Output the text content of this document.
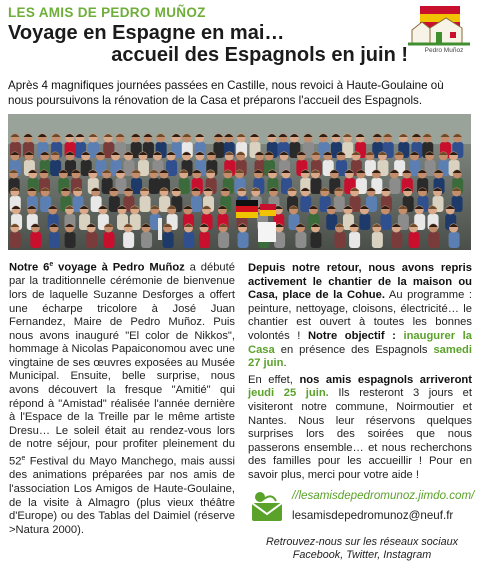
LES AMIS DE PEDRO MUÑOZ
Voyage en Espagne en mai…
accueil des Espagnols en juin !	Pedro Muñoz
Après 4 magnifiques journées passées en Castille, nous revoici à Haute-Goulaine où nous poursuivons la rénovation de la Casa et préparons l'accueil des Espagnols.
Notre 6e voyage à Pedro Muñoz a débuté par la traditionnelle cérémonie de bienvenue lors de laquelle Suzanne Desforges a offert une écharpe tricolore à José Juan Fernandez, Maire de Pedro Muñoz. Puis nous avons inauguré "El color de Nikkos", hommage à Nicolas Papaiconomou avec une vingtaine de ses œuvres exposées au Musée Municipal. Ensuite, belle surprise, nous avons découvert la fresque "Amitié" qui répond à "Amistad" réalisée l'année dernière à l'Espace de la Treille par le même artiste Dresu… Le soleil était au rendez-vous lors de notre séjour, pour profiter pleinement du 52e Festival du Mayo Manchego, mais aussi des animations préparées par nos amis de l'association Los Amigos de Haute-Goulaine, de la visite à Almagro (plus vieux théâtre d'Europe) ou des Tablas del Daimiel (réserve >Natura 2000).
Depuis notre retour, nous avons repris activement le chantier de la maison ou Casa, place de la Cohue. Au programme : peinture, nettoyage, cloisons, électricité… le chantier est ouvert à toutes les bonnes volontés ! Notre objectif : inaugurer la Casa en présence des Espagnols samedi 27 juin.
En effet, nos amis espagnols arriveront jeudi 25 juin. Ils resteront 3 jours et visiteront notre commune, Noirmoutier et Nantes. Nous leur réservons quelques surprises lors des soirées que nous passerons ensemble… et nous recherchons des familles pour les accueillir ! Pour en savoir plus, merci pour votre aide !
//lesamisdepedromunoz.jimdo.com/
lesamisdepedromunoz@neuf.fr
Retrouvez-nous sur les réseaux sociaux
Facebook, Twitter, Instagram
